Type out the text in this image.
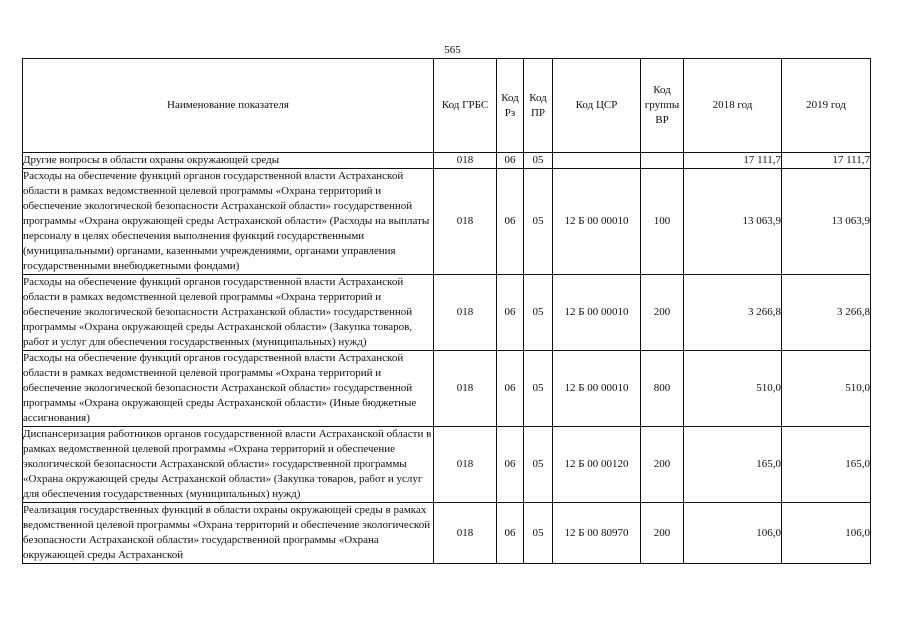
565
Наименование показателя	Код ГРБС	Код Рз	Код ПР	Код ЦСР	Код группы ВР	2018 год	2019 год
Другие вопросы в области охраны окружающей среды	018	06	05			17 111,7	17 111,7
Расходы на обеспечение функций органов государственной власти Астраханской области в рамках ведомственной целевой программы «Охрана территорий и обеспечение экологической безопасности Астраханской области» государственной программы «Охрана окружающей среды Астраханской области» (Расходы на выплаты персоналу в целях обеспечения выполнения функций государственными (муниципальными) органами, казенными учреждениями, органами управления государственными внебюджетными фондами)	018	06	05	12 Б 00 00010	100	13 063,9	13 063,9
Расходы на обеспечение функций органов государственной власти Астраханской области в рамках ведомственной целевой программы «Охрана территорий и обеспечение экологической безопасности Астраханской области» государственной программы «Охрана окружающей среды Астраханской области» (Закупка товаров, работ и услуг для обеспечения государственных (муниципальных) нужд)	018	06	05	12 Б 00 00010	200	3 266,8	3 266,8
Расходы на обеспечение функций органов государственной власти Астраханской области в рамках ведомственной целевой программы «Охрана территорий и обеспечение экологической безопасности Астраханской области» государственной программы «Охрана окружающей среды Астраханской области» (Иные бюджетные ассигнования)	018	06	05	12 Б 00 00010	800	510,0	510,0
Диспансеризация работников органов государственной власти Астраханской области в рамках ведомственной целевой программы «Охрана территорий и обеспечение экологической безопасности Астраханской области» государственной программы «Охрана окружающей среды Астраханской области» (Закупка товаров, работ и услуг для обеспечения государственных (муниципальных) нужд)	018	06	05	12 Б 00 00120	200	165,0	165,0
Реализация государственных функций в области охраны окружающей среды в рамках ведомственной целевой программы «Охрана территорий и обеспечение экологической безопасности Астраханской области» государственной программы «Охрана окружающей среды Астраханской	018	06	05	12 Б 00 80970	200	106,0	106,0
